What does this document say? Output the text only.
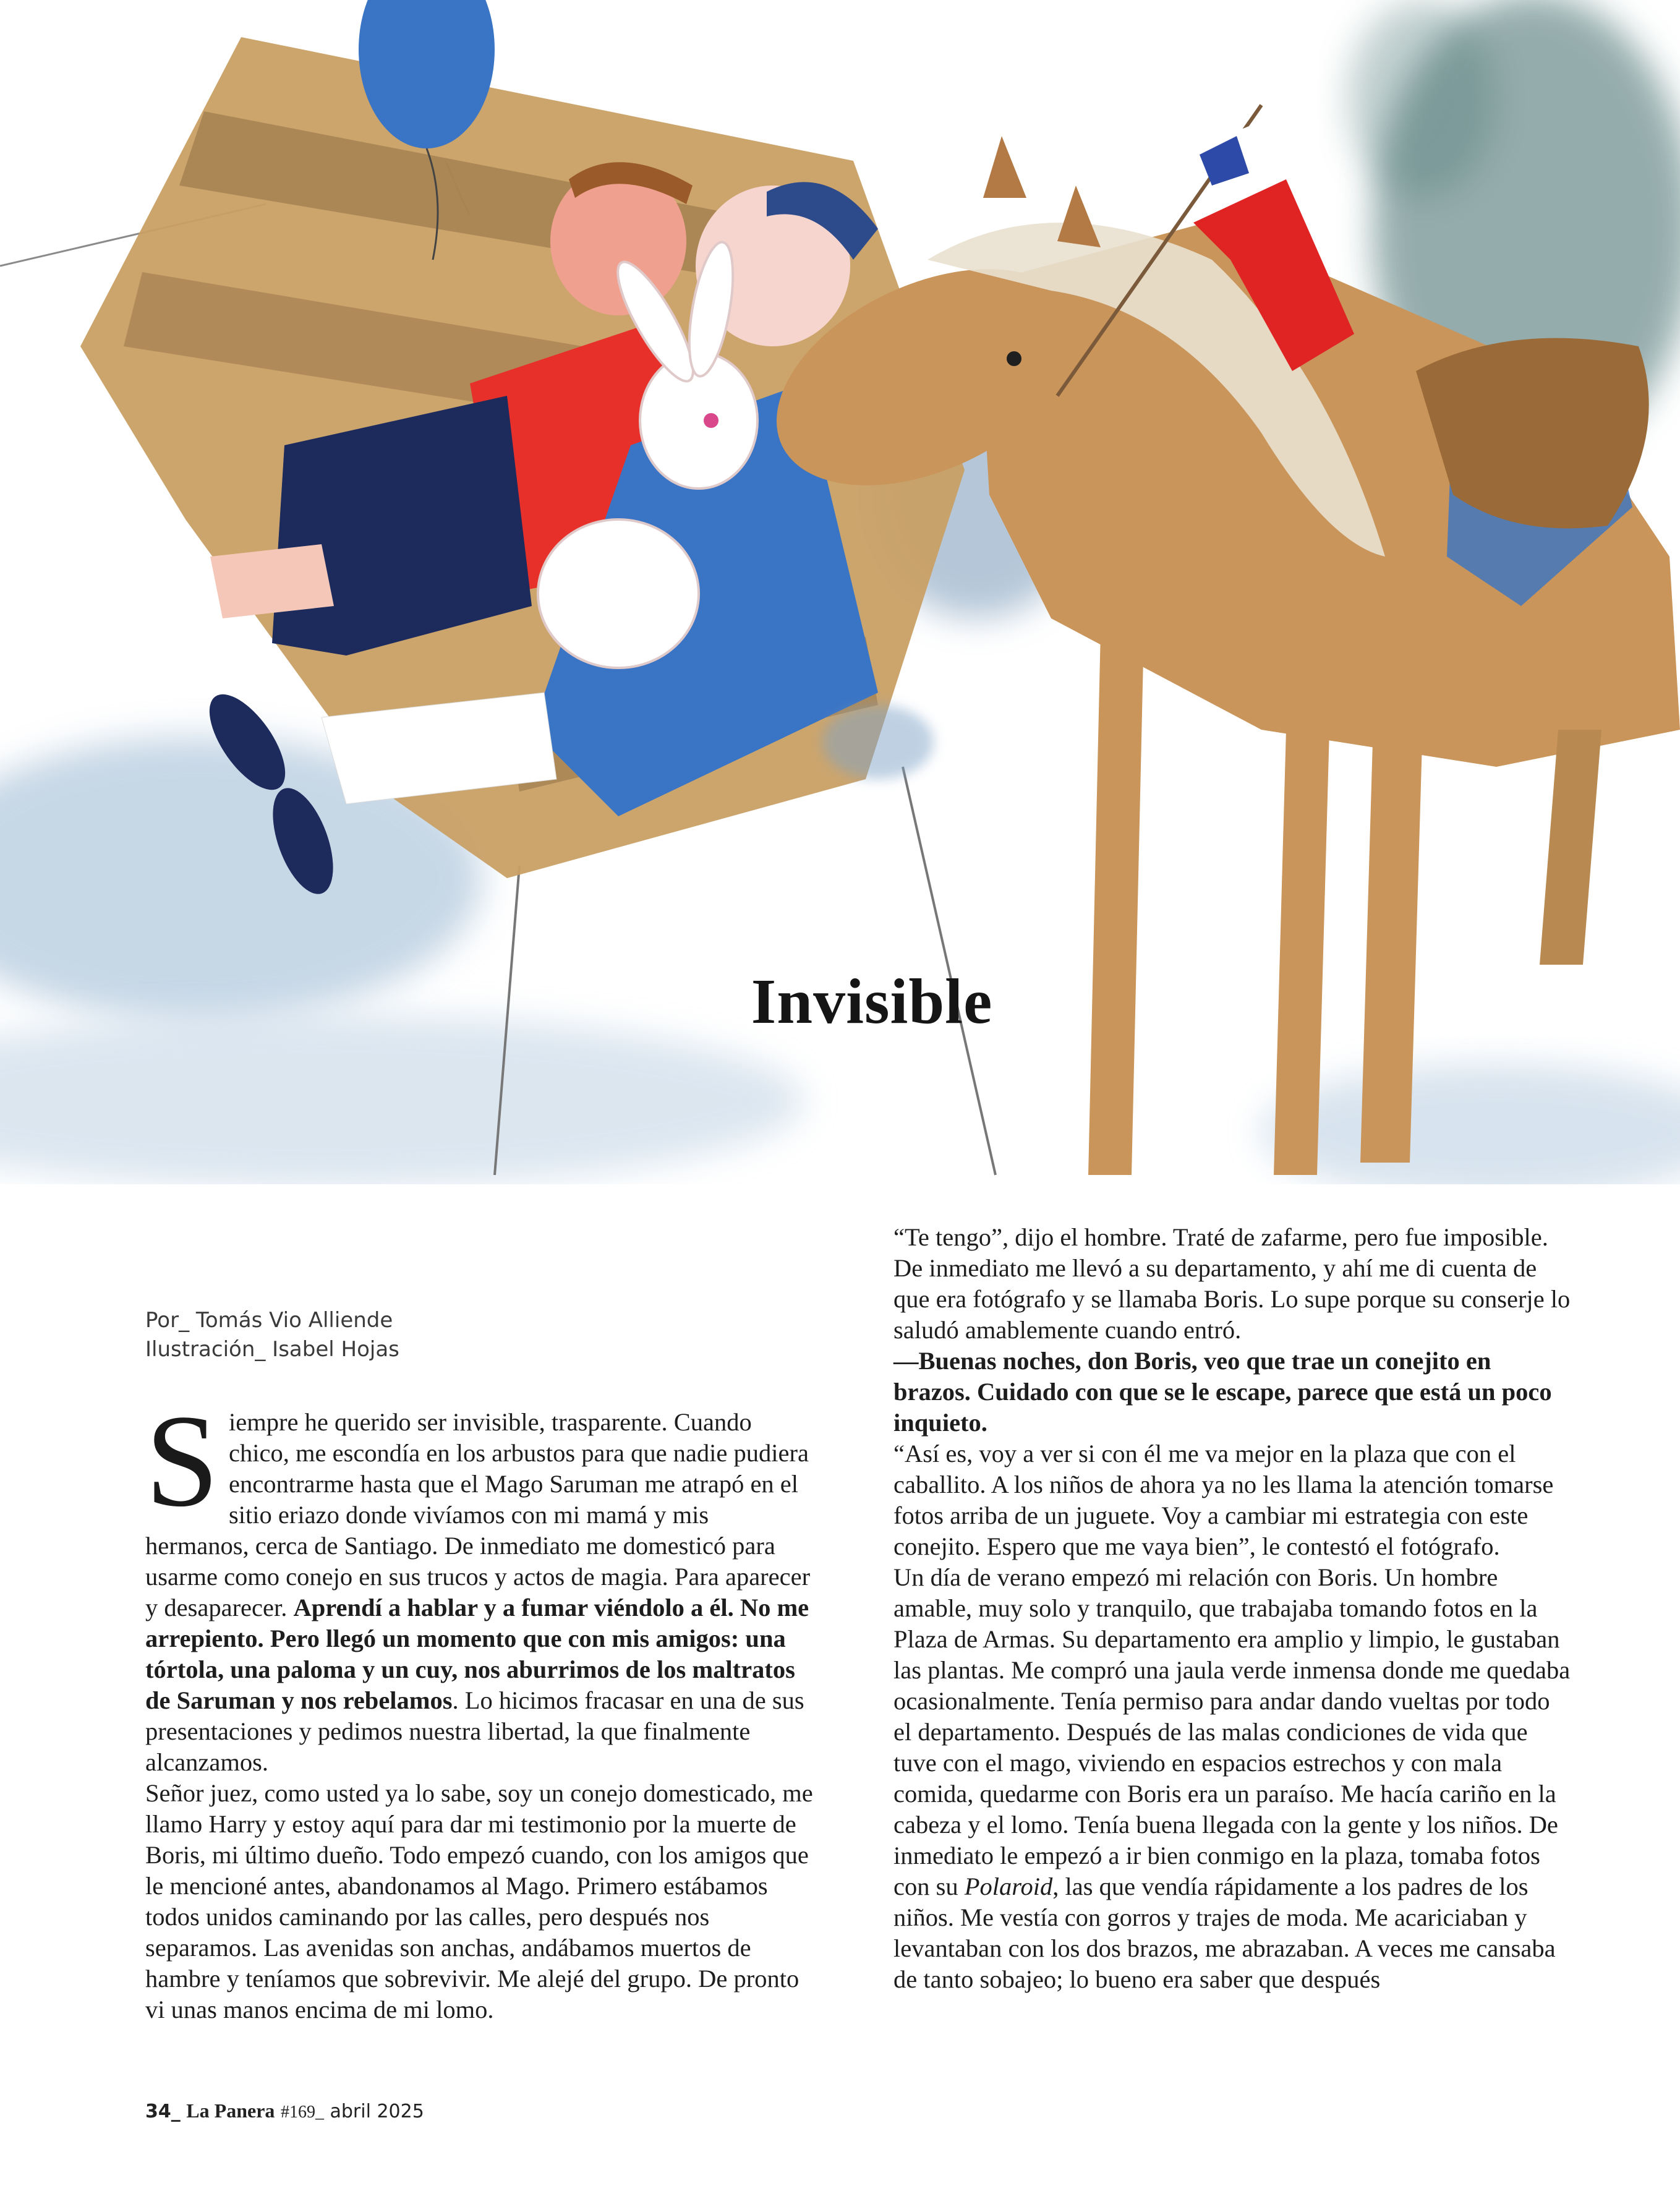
Invisible
Por_ Tomás Vio Alliende
Ilustración_ Isabel Hojas

Siempre he querido ser invisible, trasparente. Cuando chico, me escondía en los arbustos para que nadie pudiera encontrarme hasta que el Mago Saruman me atrapó en el sitio eriazo donde vivíamos con mi mamá y mis hermanos, cerca de Santiago. De inmediato me domesticó para usarme como conejo en sus trucos y actos de magia. Para aparecer y desaparecer. Aprendí a hablar y a fumar viéndolo a él. No me arrepiento. Pero llegó un momento que con mis amigos: una tórtola, una paloma y un cuy, nos aburrimos de los maltratos de Saruman y nos rebelamos. Lo hicimos fracasar en una de sus presentaciones y pedimos nuestra libertad, la que finalmente alcanzamos.

Señor juez, como usted ya lo sabe, soy un conejo domesticado, me llamo Harry y estoy aquí para dar mi testimonio por la muerte de Boris, mi último dueño. Todo empezó cuando, con los amigos que le mencioné antes, abandonamos al Mago. Primero estábamos todos unidos caminando por las calles, pero después nos separamos. Las avenidas son anchas, andábamos muertos de hambre y teníamos que sobrevivir. Me alejé del grupo. De pronto vi unas manos encima de mi lomo.

“Te tengo”, dijo el hombre. Traté de zafarme, pero fue imposible. De inmediato me llevó a su departamento, y ahí me di cuenta de que era fotógrafo y se llamaba Boris. Lo supe porque su conserje lo saludó amablemente cuando entró.

—Buenas noches, don Boris, veo que trae un conejito en brazos. Cuidado con que se le escape, parece que está un poco inquieto.

“Así es, voy a ver si con él me va mejor en la plaza que con el caballito. A los niños de ahora ya no les llama la atención tomarse fotos arriba de un juguete. Voy a cambiar mi estrategia con este conejito. Espero que me vaya bien”, le contestó el fotógrafo.

Un día de verano empezó mi relación con Boris. Un hombre amable, muy solo y tranquilo, que trabajaba tomando fotos en la Plaza de Armas. Su departamento era amplio y limpio, le gustaban las plantas. Me compró una jaula verde inmensa donde me quedaba ocasionalmente. Tenía permiso para andar dando vueltas por todo el departamento. Después de las malas condiciones de vida que tuve con el mago, viviendo en espacios estrechos y con mala comida, quedarme con Boris era un paraíso. Me hacía cariño en la cabeza y el lomo. Tenía buena llegada con la gente y los niños. De inmediato le empezó a ir bien conmigo en la plaza, tomaba fotos con su Polaroid, las que vendía rápidamente a los padres de los niños. Me vestía con gorros y trajes de moda. Me acariciaban y levantaban con los dos brazos, me abrazaban. A veces me cansaba de tanto sobajeo; lo bueno era saber que después

34_ La Panera #169_ abril 2025
